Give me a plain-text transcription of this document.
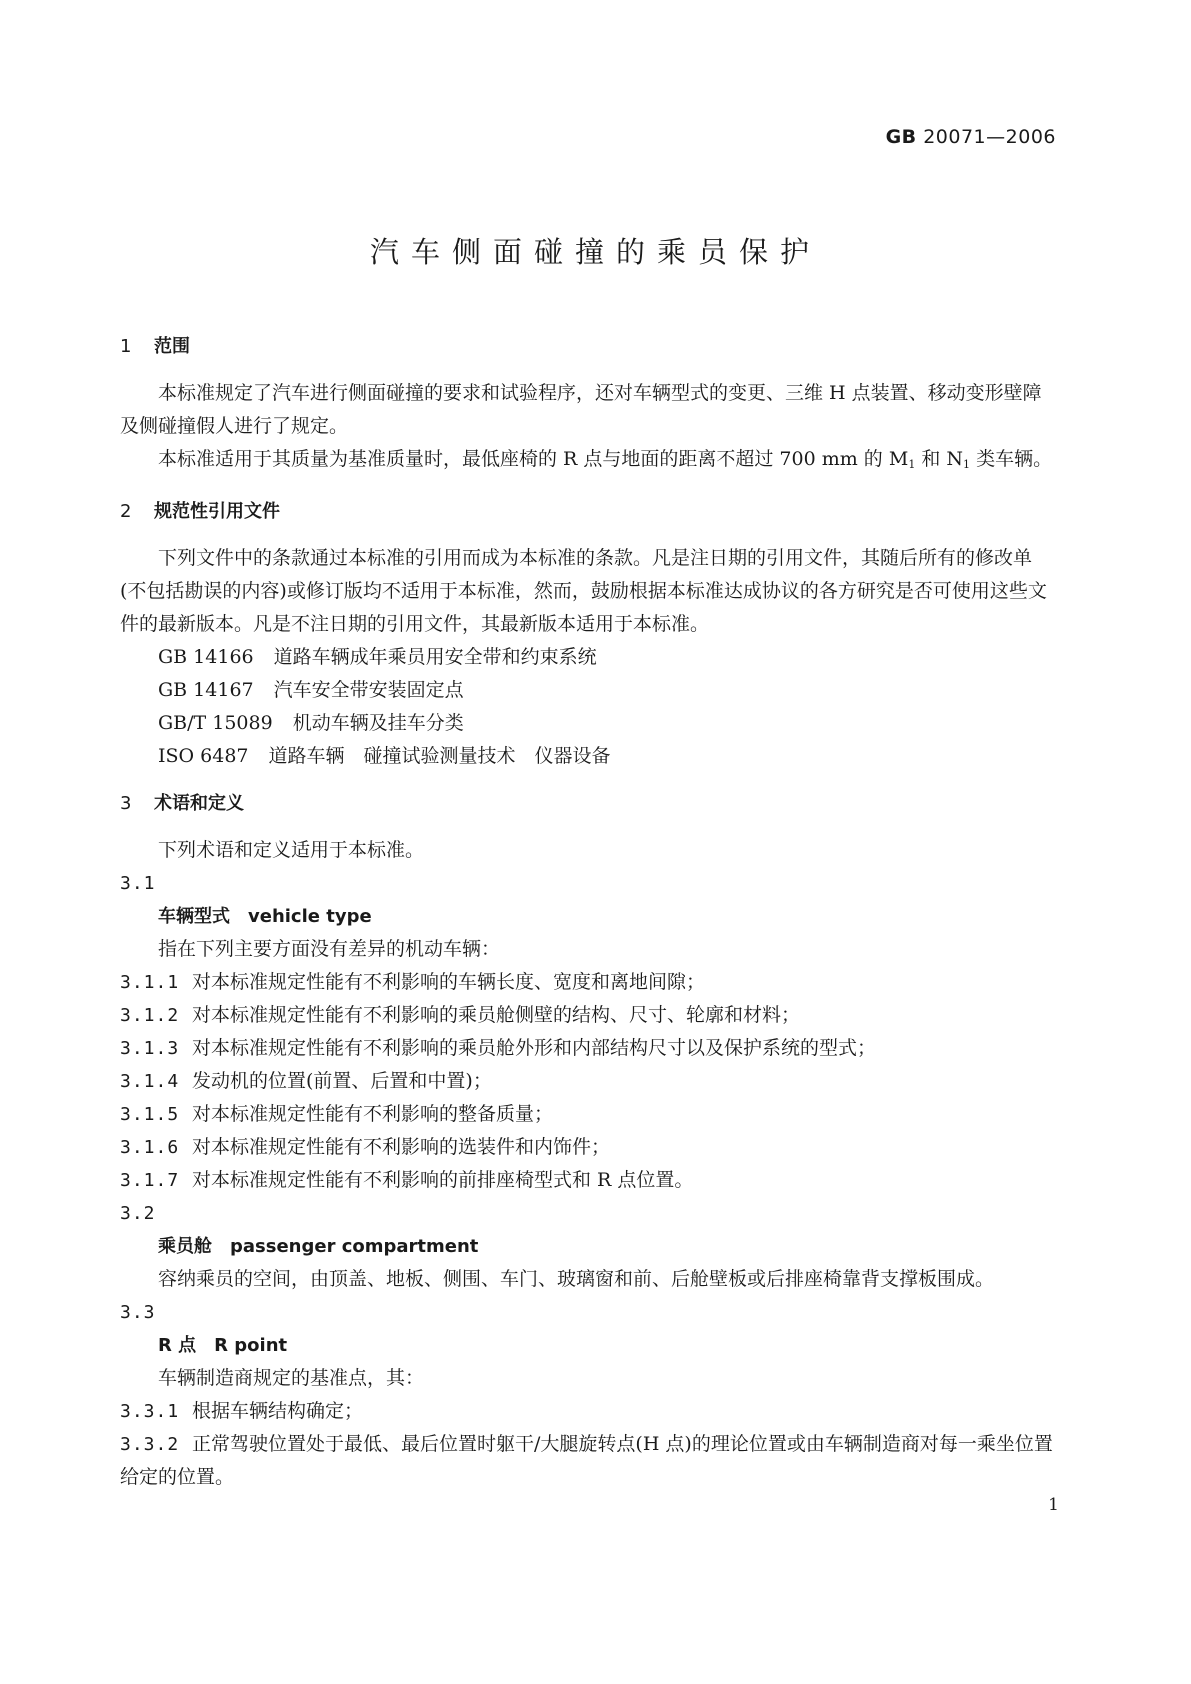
GB 20071—2006
汽车侧面碰撞的乘员保护

1 范围

本标准规定了汽车进行侧面碰撞的要求和试验程序，还对车辆型式的变更、三维 H 点装置、移动变形壁障及侧碰撞假人进行了规定。

本标准适用于其质量为基准质量时，最低座椅的 R 点与地面的距离不超过 700 mm 的 $M_1$ 和 $N_1$ 类车辆。

2 规范性引用文件

下列文件中的条款通过本标准的引用而成为本标准的条款。凡是注日期的引用文件，其随后所有的修改单(不包括勘误的内容)或修订版均不适用于本标准，然而，鼓励根据本标准达成协议的各方研究是否可使用这些文件的最新版本。凡是不注日期的引用文件，其最新版本适用于本标准。

GB 14166 道路车辆成年乘员用安全带和约束系统

GB 14167 汽车安全带安装固定点

GB/T 15089 机动车辆及挂车分类

ISO 6487 道路车辆　碰撞试验测量技术　仪器设备

3 术语和定义

下列术语和定义适用于本标准。

3.1

车辆型式 vehicle type

指在下列主要方面没有差异的机动车辆：

3.1.1 对本标准规定性能有不利影响的车辆长度、宽度和离地间隙；

3.1.2 对本标准规定性能有不利影响的乘员舱侧壁的结构、尺寸、轮廓和材料；

3.1.3 对本标准规定性能有不利影响的乘员舱外形和内部结构尺寸以及保护系统的型式；

3.1.4 发动机的位置(前置、后置和中置)；

3.1.5 对本标准规定性能有不利影响的整备质量；

3.1.6 对本标准规定性能有不利影响的选装件和内饰件；

3.1.7 对本标准规定性能有不利影响的前排座椅型式和 R 点位置。

3.2

乘员舱 passenger compartment

容纳乘员的空间，由顶盖、地板、侧围、车门、玻璃窗和前、后舱壁板或后排座椅靠背支撑板围成。

3.3

R 点 R point

车辆制造商规定的基准点，其：

3.3.1 根据车辆结构确定；

3.3.2 正常驾驶位置处于最低、最后位置时躯干/大腿旋转点(H 点)的理论位置或由车辆制造商对每一乘坐位置给定的位置。

1
